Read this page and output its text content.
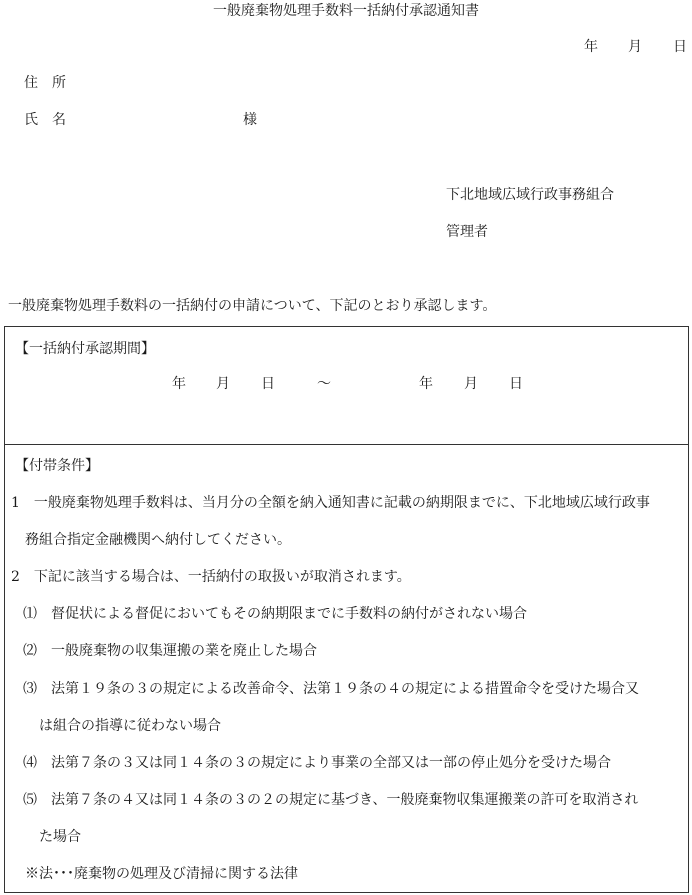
一般廃棄物処理手数料一括納付承認通知書
年 月 日
住　所
氏　名	様
下北地域広域行政事務組合
管理者
一般廃棄物処理手数料の一括納付の申請について、下記のとおり承認します。
【一括納付承認期間】
年 月 日	～	年 月 日
【付帯条件】
1　一般廃棄物処理手数料は、当月分の全額を納入通知書に記載の納期限までに、下北地域広域行政事
務組合指定金融機関へ納付してください。
2　下記に該当する場合は、一括納付の取扱いが取消されます。
⑴　督促状による督促においてもその納期限までに手数料の納付がされない場合
⑵　一般廃棄物の収集運搬の業を廃止した場合
⑶　法第１９条の３の規定による改善命令、法第１９条の４の規定による措置命令を受けた場合又
は組合の指導に従わない場合
⑷　法第７条の３又は同１４条の３の規定により事業の全部又は一部の停止処分を受けた場合
⑸　法第７条の４又は同１４条の３の２の規定に基づき、一般廃棄物収集運搬業の許可を取消され
た場合
※法･･･廃棄物の処理及び清掃に関する法律
